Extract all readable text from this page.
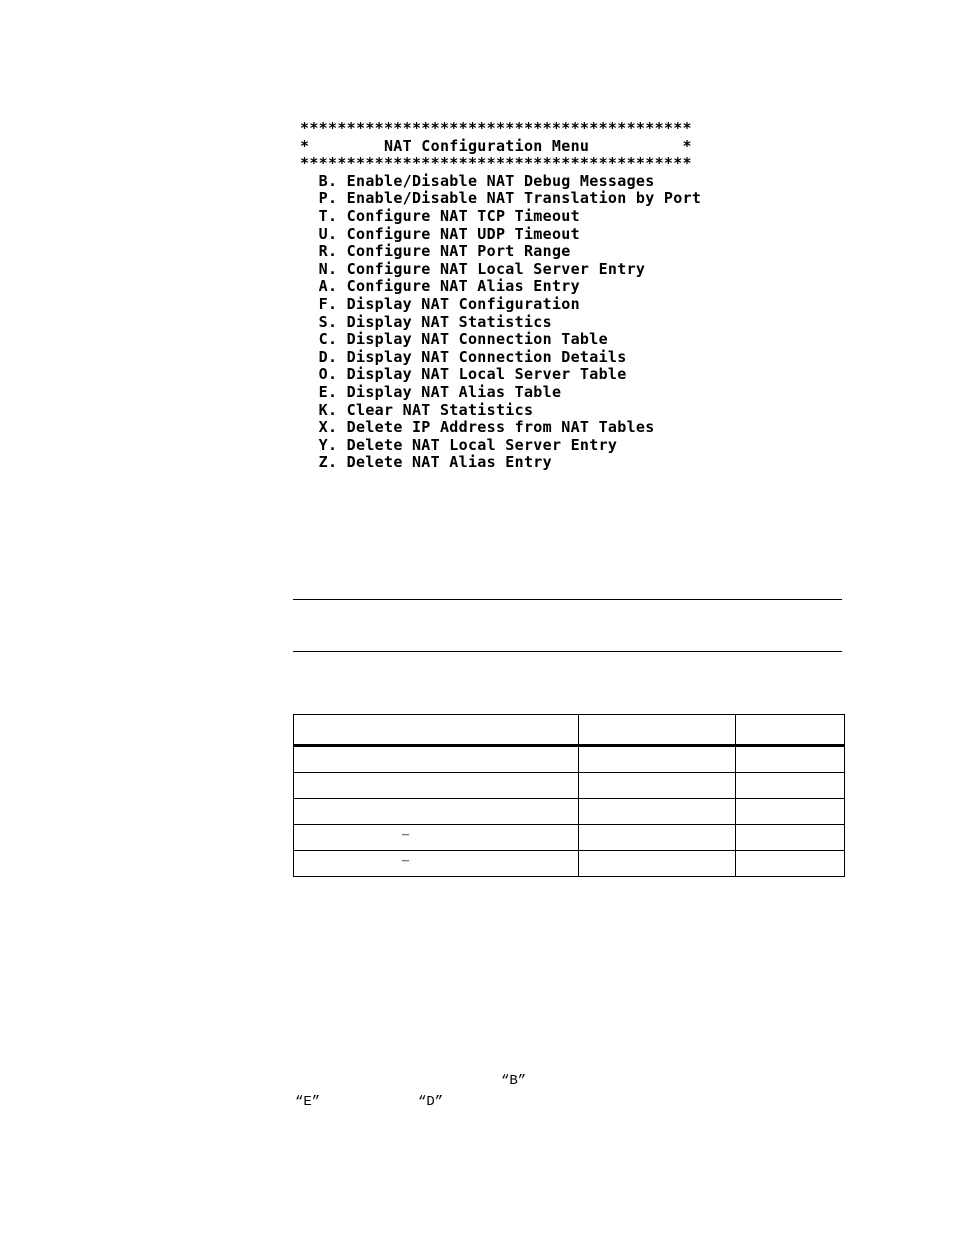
******************************************
*        NAT Configuration Menu          *
******************************************
B. Enable/Disable NAT Debug Messages
P. Enable/Disable NAT Translation by Port
T. Configure NAT TCP Timeout
U. Configure NAT UDP Timeout
R. Configure NAT Port Range
N. Configure NAT Local Server Entry
A. Configure NAT Alias Entry
F. Display NAT Configuration
S. Display NAT Statistics
C. Display NAT Connection Table
D. Display NAT Connection Details
O. Display NAT Local Server Table
E. Display NAT Alias Table
K. Clear NAT Statistics
X. Delete IP Address from NAT Tables
Y. Delete NAT Local Server Entry
Z. Delete NAT Alias Entry

–		
–		
“B”
“E”	“D”
